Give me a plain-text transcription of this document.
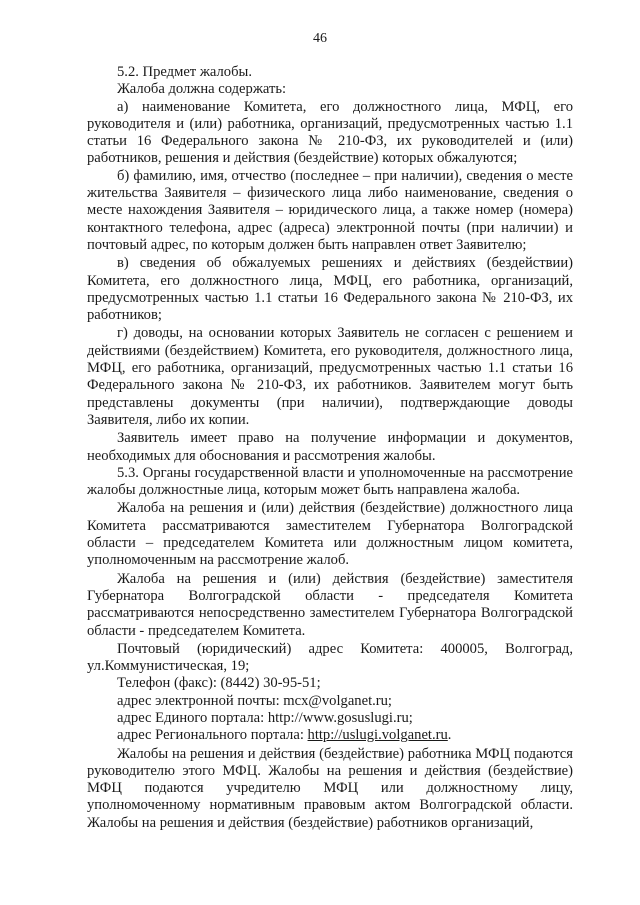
46

5.2. Предмет жалобы.

Жалоба должна содержать:

а) наименование Комитета, его должностного лица, МФЦ, его руководителя и (или) работника, организаций, предусмотренных частью 1.1 статьи 16 Федерального закона № 210-ФЗ, их руководителей и (или) работников, решения и действия (бездействие) которых обжалуются;

б) фамилию, имя, отчество (последнее – при наличии), сведения о месте жительства Заявителя – физического лица либо наименование, сведения о месте нахождения Заявителя – юридического лица, а также номер (номера) контактного телефона, адрес (адреса) электронной почты (при наличии) и почтовый адрес, по которым должен быть направлен ответ Заявителю;

в) сведения об обжалуемых решениях и действиях (бездействии) Комитета, его должностного лица, МФЦ, его работника, организаций, предусмотренных частью 1.1 статьи 16 Федерального закона № 210-ФЗ, их работников;

г) доводы, на основании которых Заявитель не согласен с решением и действиями (бездействием) Комитета, его руководителя, должностного лица, МФЦ, его работника, организаций, предусмотренных частью 1.1 статьи 16 Федерального закона № 210-ФЗ, их работников. Заявителем могут быть представлены документы (при наличии), подтверждающие доводы Заявителя, либо их копии.

Заявитель имеет право на получение информации и документов, необходимых для обоснования и рассмотрения жалобы.

5.3. Органы государственной власти и уполномоченные на рассмотрение жалобы должностные лица, которым может быть направлена жалоба.

Жалоба на решения и (или) действия (бездействие) должностного лица Комитета рассматриваются заместителем Губернатора Волгоградской области – председателем Комитета или должностным лицом комитета, уполномоченным на рассмотрение жалоб.

Жалоба на решения и (или) действия (бездействие) заместителя Губернатора Волгоградской области - председателя Комитета рассматриваются непосредственно заместителем Губернатора Волгоградской области - председателем Комитета.

Почтовый (юридический) адрес Комитета: 400005, Волгоград, ул.Коммунистическая, 19;

Телефон (факс): (8442) 30-95-51;

адрес электронной почты: mcx@volganet.ru;

адрес Единого портала: http://www.gosuslugi.ru;

адрес Регионального портала: http://uslugi.volganet.ru.

Жалобы на решения и действия (бездействие) работника МФЦ подаются руководителю этого МФЦ. Жалобы на решения и действия (бездействие) МФЦ подаются учредителю МФЦ или должностному лицу, уполномоченному нормативным правовым актом Волгоградской области. Жалобы на решения и действия (бездействие) работников организаций,
